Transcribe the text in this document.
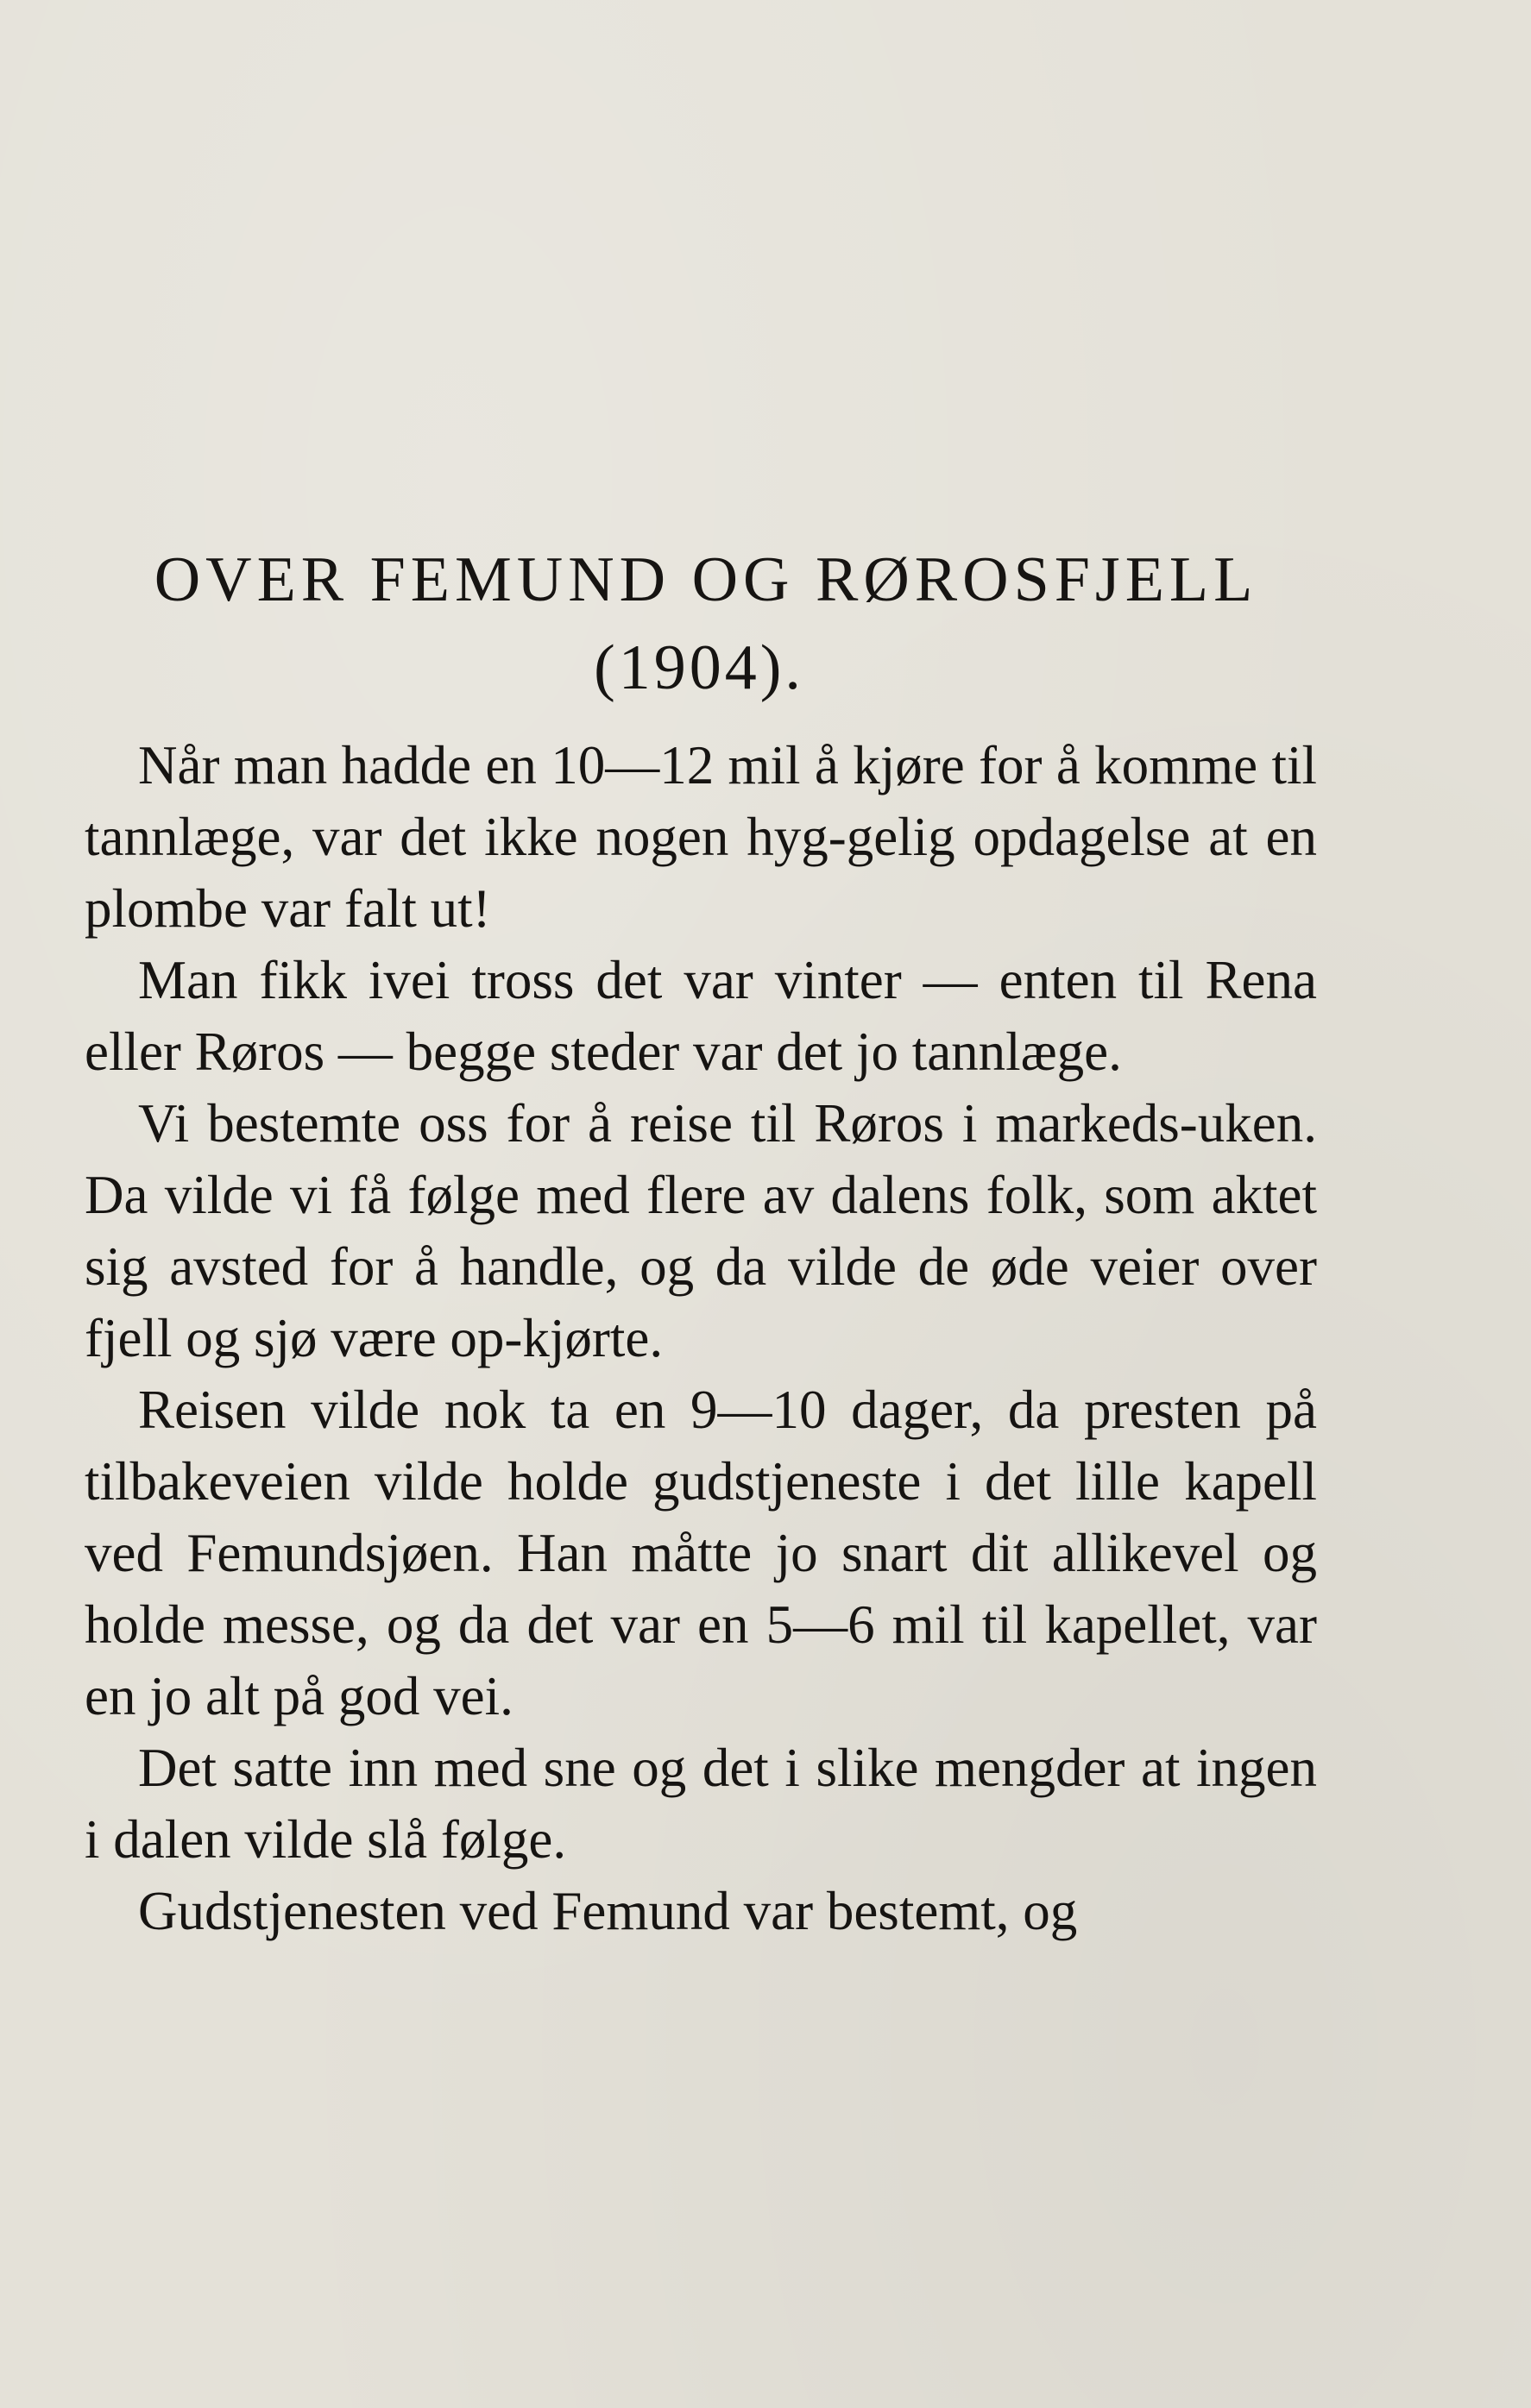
OVER FEMUND OG RØROSFJELL
(1904).

Når man hadde en 10—12 mil å kjøre for å komme til tannlæge, var det ikke nogen hyg-gelig opdagelse at en plombe var falt ut!

Man fikk ivei tross det var vinter — enten til Rena eller Røros — begge steder var det jo tannlæge.

Vi bestemte oss for å reise til Røros i markeds-uken. Da vilde vi få følge med flere av dalens folk, som aktet sig avsted for å handle, og da vilde de øde veier over fjell og sjø være op-kjørte.

Reisen vilde nok ta en 9—10 dager, da presten på tilbakeveien vilde holde gudstjeneste i det lille kapell ved Femundsjøen. Han måtte jo snart dit allikevel og holde messe, og da det var en 5—6 mil til kapellet, var en jo alt på god vei.

Det satte inn med sne og det i slike mengder at ingen i dalen vilde slå følge.

Gudstjenesten ved Femund var bestemt, og
